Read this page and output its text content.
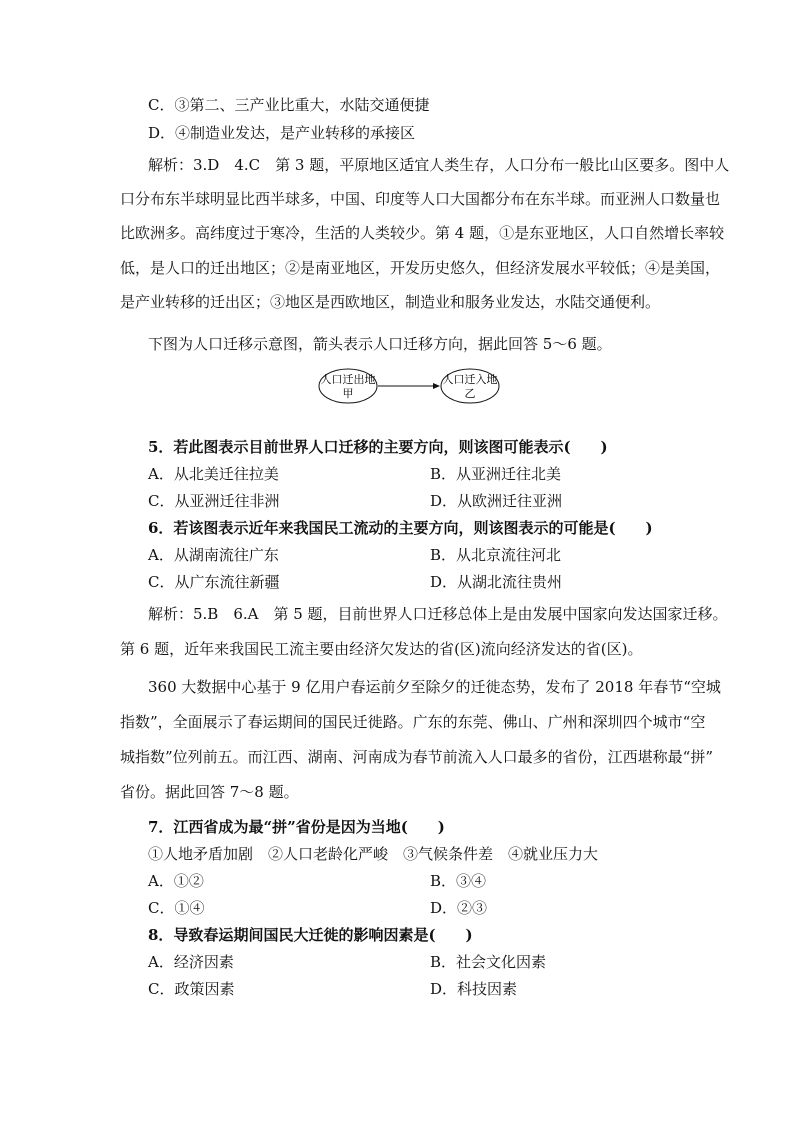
C．③第二、三产业比重大，水陆交通便捷
D．④制造业发达，是产业转移的承接区
解析：3.D　4.C　第 3 题，平原地区适宜人类生存，人口分布一般比山区要多。图中人
口分布东半球明显比西半球多，中国、印度等人口大国都分布在东半球。而亚洲人口数量也
比欧洲多。高纬度过于寒冷，生活的人类较少。第 4 题，①是东亚地区，人口自然增长率较
低，是人口的迁出地区；②是南亚地区，开发历史悠久，但经济发展水平较低；④是美国，
是产业转移的迁出区；③地区是西欧地区，制造业和服务业发达，水陆交通便利。
下图为人口迁移示意图，箭头表示人口迁移方向，据此回答 5～6 题。
人口迁出地
甲
人口迁入地
乙
5．若此图表示目前世界人口迁移的主要方向，则该图可能表示(　　)
A．从北美迁往拉美	B．从亚洲迁往北美
C．从亚洲迁往非洲	D．从欧洲迁往亚洲
6．若该图表示近年来我国民工流动的主要方向，则该图表示的可能是(　　)
A．从湖南流往广东	B．从北京流往河北
C．从广东流往新疆	D．从湖北流往贵州
解析：5.B　6.A　第 5 题，目前世界人口迁移总体上是由发展中国家向发达国家迁移。
第 6 题，近年来我国民工流主要由经济欠发达的省(区)流向经济发达的省(区)。
360 大数据中心基于 9 亿用户春运前夕至除夕的迁徙态势，发布了 2018 年春节“空城
指数”，全面展示了春运期间的国民迁徙路。广东的东莞、佛山、广州和深圳四个城市“空
城指数”位列前五。而江西、湖南、河南成为春节前流入人口最多的省份，江西堪称最“拼”
省份。据此回答 7～8 题。
7．江西省成为最“拼”省份是因为当地(　　)
①人地矛盾加剧　②人口老龄化严峻　③气候条件差　④就业压力大
A．①②	B．③④
C．①④	D．②③
8．导致春运期间国民大迁徙的影响因素是(　　)
A．经济因素	B．社会文化因素
C．政策因素	D．科技因素
